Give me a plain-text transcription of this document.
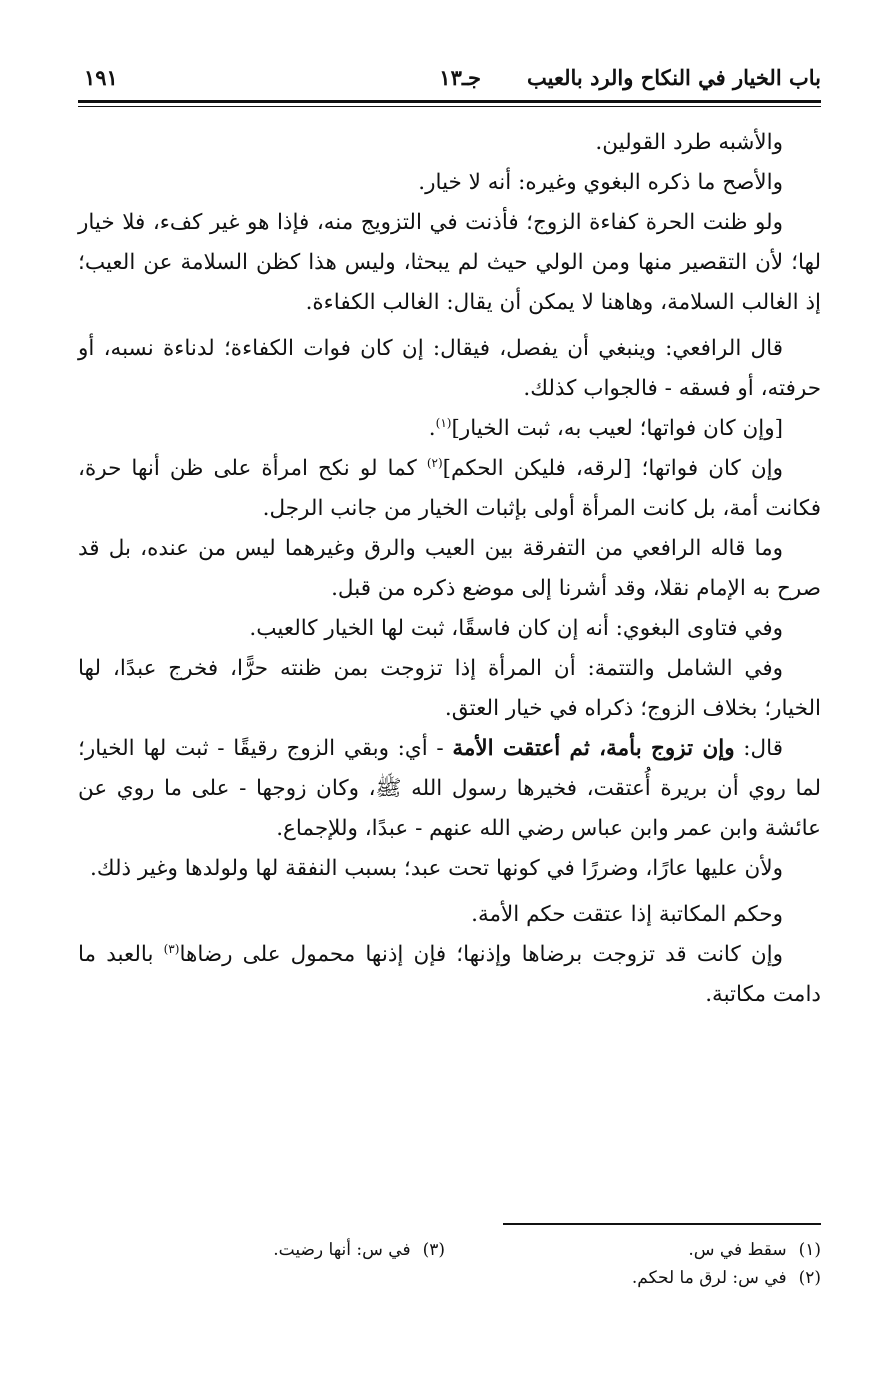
باب الخيار في النكاح والرد بالعيب
جـ١٣
١٩١

والأشبه طرد القولين.

والأصح ما ذكره البغوي وغيره: أنه لا خيار.

ولو ظنت الحرة كفاءة الزوج؛ فأذنت في التزويج منه، فإذا هو غير كفء، فلا خيار لها؛ لأن التقصير منها ومن الولي حيث لم يبحثا، وليس هذا كظن السلامة عن العيب؛ إذ الغالب السلامة، وهاهنا لا يمكن أن يقال: الغالب الكفاءة.

قال الرافعي: وينبغي أن يفصل، فيقال: إن كان فوات الكفاءة؛ لدناءة نسبه، أو حرفته، أو فسقه - فالجواب كذلك.

[وإن كان فواتها؛ لعيب به، ثبت الخيار]$^{(١)}$.

وإن كان فواتها؛ [لرقه، فليكن الحكم]$^{(٢)}$ كما لو نكح امرأة على ظن أنها حرة، فكانت أمة، بل كانت المرأة أولى بإثبات الخيار من جانب الرجل.

وما قاله الرافعي من التفرقة بين العيب والرق وغيرهما ليس من عنده، بل قد صرح به الإمام نقلا، وقد أشرنا إلى موضع ذكره من قبل.

وفي فتاوى البغوي: أنه إن كان فاسقًا، ثبت لها الخيار كالعيب.

وفي الشامل والتتمة: أن المرأة إذا تزوجت بمن ظنته حرًّا، فخرج عبدًا، لها الخيار؛ بخلاف الزوج؛ ذكراه في خيار العتق.

قال: وإن تزوج بأمة، ثم أعتقت الأمة - أي: وبقي الزوج رقيقًا - ثبت لها الخيار؛ لما روي أن بريرة أُعتقت، فخيرها رسول الله ﷺ، وكان زوجها - على ما روي عن عائشة وابن عمر وابن عباس رضي الله عنهم - عبدًا، وللإجماع.

ولأن عليها عارًا، وضررًا في كونها تحت عبد؛ بسبب النفقة لها ولولدها وغير ذلك.

وحكم المكاتبة إذا عتقت حكم الأمة.

وإن كانت قد تزوجت برضاها وإذنها؛ فإن إذنها محمول على رضاها$^{(٣)}$ بالعبد ما دامت مكاتبة.

(١)سقط في س.
(٢)في س: لرق ما لحكم.
(٣)في س: أنها رضيت.
